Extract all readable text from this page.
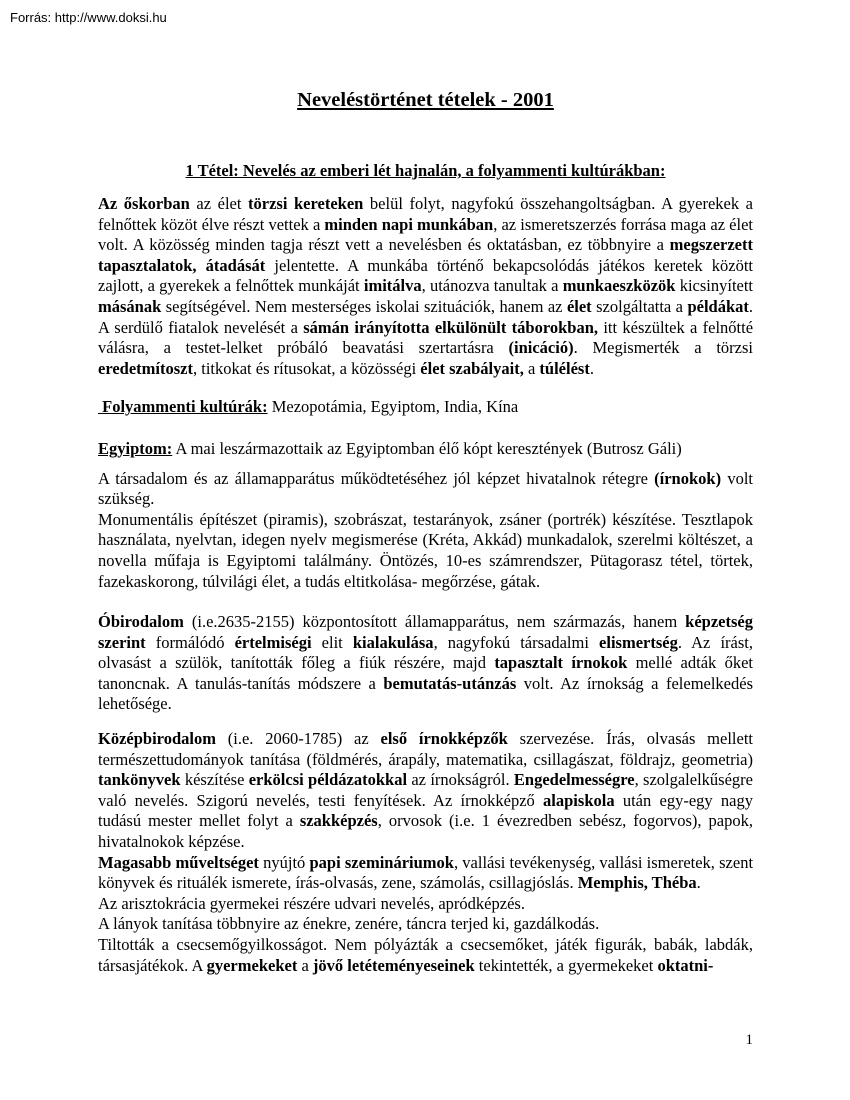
Forrás: http://www.doksi.hu

Neveléstörténet tételek - 2001

1 Tétel: Nevelés az emberi lét hajnalán, a folyammenti kultúrákban:

Az őskorban az élet törzsi kereteken belül folyt, nagyfokú összehangoltságban. A gyerekek a felnőttek közöt élve részt vettek a minden napi munkában, az ismeretszerzés forrása maga az élet volt. A közösség minden tagja részt vett a nevelésben és oktatásban, ez többnyire a megszerzett tapasztalatok, átadását jelentette. A munkába történő bekapcsolódás játékos keretek között zajlott, a gyerekek a felnőttek munkáját imitálva, utánozva tanultak a munkaeszközök kicsinyített másának segítségével. Nem mesterséges iskolai szituációk, hanem az élet szolgáltatta a példákat. A serdülő fiatalok nevelését a sámán irányította elkülönült táborokban, itt készültek a felnőtté válásra, a testet-lelket próbáló beavatási szertartásra (inicáció). Megismerték a törzsi eredetmítoszt, titkokat és rítusokat, a közösségi élet szabályait, a túlélést.

Folyammenti kultúrák: Mezopotámia, Egyiptom, India, Kína

Egyiptom: A mai leszármazottaik az Egyiptomban élő kópt keresztények (Butrosz Gáli)

A társadalom és az államapparátus működtetéséhez jól képzet hivatalnok rétegre (írnokok) volt szükség.

Monumentális építészet (piramis), szobrászat, testarányok, zsáner (portrék) készítése. Tesztlapok használata, nyelvtan, idegen nyelv megismerése (Kréta, Akkád) munkadalok, szerelmi költészet, a novella műfaja is Egyiptomi találmány. Öntözés, 10-es számrendszer, Pütagorasz tétel, törtek, fazekaskorong, túlvilági élet, a tudás eltitkolása- megőrzése, gátak.

Óbirodalom (i.e.2635-2155) központosított államapparátus, nem származás, hanem képzetség szerint formálódó értelmiségi elit kialakulása, nagyfokú társadalmi elismertség. Az írást, olvasást a szülök, tanították főleg a fiúk részére, majd tapasztalt írnokok mellé adták őket tanoncnak. A tanulás-tanítás módszere a bemutatás-utánzás volt. Az írnokság a felemelkedés lehetősége.

Középbirodalom (i.e. 2060-1785) az első írnokképzők szervezése. Írás, olvasás mellett természettudományok tanítása (földmérés, árapály, matematika, csillagászat, földrajz, geometria) tankönyvek készítése erkölcsi példázatokkal az írnokságról. Engedelmességre, szolgalelkűségre való nevelés. Szigorú nevelés, testi fenyítések. Az írnokképző alapiskola után egy-egy nagy tudású mester mellet folyt a szakképzés, orvosok (i.e. 1 évezredben sebész, fogorvos), papok, hivatalnokok képzése.

Magasabb műveltséget nyújtó papi szemináriumok, vallási tevékenység, vallási ismeretek, szent könyvek és rituálék ismerete, írás-olvasás, zene, számolás, csillagjóslás. Memphis, Théba.

Az arisztokrácia gyermekei részére udvari nevelés, apródképzés.

A lányok tanítása többnyire az énekre, zenére, táncra terjed ki, gazdálkodás.

Tiltották a csecsemőgyilkosságot. Nem pólyázták a csecsemőket, játék figurák, babák, labdák, társasjátékok. A gyermekeket a jövő letéteményeseinek tekintették, a gyermekeket oktatni-

1
